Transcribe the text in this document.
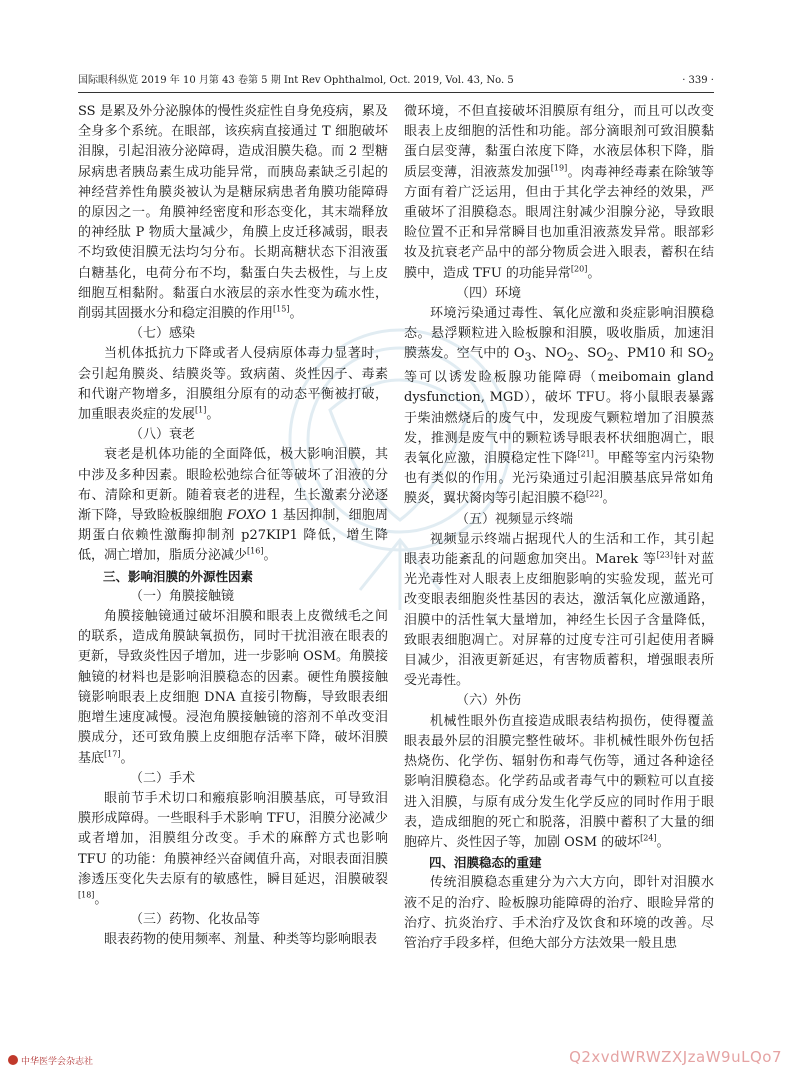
国际眼科纵览 2019 年 10 月第 43 卷第 5 期 Int Rev Ophthalmol, Oct. 2019, Vol. 43, No. 5	· 339 ·

SS 是累及外分泌腺体的慢性炎症性自身免疫病，累及全身多个系统。在眼部，该疾病直接通过 T 细胞破坏泪腺，引起泪液分泌障碍，造成泪膜失稳。而 2 型糖尿病患者胰岛素生成功能异常，而胰岛素缺乏引起的神经营养性角膜炎被认为是糖尿病患者角膜功能障碍的原因之一。角膜神经密度和形态变化，其末端释放的神经肽 P 物质大量减少，角膜上皮迁移减弱，眼表不均致使泪膜无法均匀分布。长期高糖状态下泪液蛋白糖基化，电荷分布不均，黏蛋白失去极性，与上皮细胞互相黏附。黏蛋白水液层的亲水性变为疏水性，削弱其固摄水分和稳定泪膜的作用[15]。

（七）感染

当机体抵抗力下降或者人侵病原体毒力显著时，会引起角膜炎、结膜炎等。致病菌、炎性因子、毒素和代谢产物增多，泪膜组分原有的动态平衡被打破，加重眼表炎症的发展[1]。

（八）衰老

衰老是机体功能的全面降低，极大影响泪膜，其中涉及多种因素。眼睑松弛综合征等破坏了泪液的分布、清除和更新。随着衰老的进程，生长激素分泌逐渐下降，导致睑板腺细胞 FOXO 1 基因抑制，细胞周期蛋白依赖性激酶抑制剂 p27KIP1 降低，增生降低，凋亡增加，脂质分泌减少[16]。

三、影响泪膜的外源性因素

（一）角膜接触镜

角膜接触镜通过破坏泪膜和眼表上皮微绒毛之间的联系，造成角膜缺氧损伤，同时干扰泪液在眼表的更新，导致炎性因子增加，进一步影响 OSM。角膜接触镜的材料也是影响泪膜稳态的因素。硬性角膜接触镜影响眼表上皮细胞 DNA 直接引物酶，导致眼表细胞增生速度减慢。浸泡角膜接触镜的溶剂不单改变泪膜成分，还可致角膜上皮细胞存活率下降，破坏泪膜基底[17]。

（二）手术

眼前节手术切口和瘢痕影响泪膜基底，可导致泪膜形成障碍。一些眼科手术影响 TFU，泪膜分泌减少或者增加，泪膜组分改变。手术的麻醉方式也影响 TFU 的功能：角膜神经兴奋阈值升高，对眼表面泪膜渗透压变化失去原有的敏感性，瞬目延迟，泪膜破裂[18]。

（三）药物、化妆品等

眼表药物的使用频率、剂量、种类等均影响眼表

微环境，不但直接破坏泪膜原有组分，而且可以改变眼表上皮细胞的活性和功能。部分滴眼剂可致泪膜黏蛋白层变薄，黏蛋白浓度下降，水液层体积下降，脂质层变薄，泪液蒸发加强[19]。肉毒神经毒素在除皱等方面有着广泛运用，但由于其化学去神经的效果，严重破坏了泪膜稳态。眼周注射减少泪腺分泌，导致眼睑位置不正和异常瞬目也加重泪液蒸发异常。眼部彩妆及抗衰老产品中的部分物质会进入眼表，蓄积在结膜中，造成 TFU 的功能异常[20]。

（四）环境

环境污染通过毒性、氧化应激和炎症影响泪膜稳态。悬浮颗粒进入睑板腺和泪膜，吸收脂质，加速泪膜蒸发。空气中的 $O_3$、$NO_2$、$SO_2$、PM10 和 $SO_2$ 等可以诱发睑板腺功能障碍（meibomain gland dysfunction, MGD），破坏 TFU。将小鼠眼表暴露于柴油燃烧后的废气中，发现废气颗粒增加了泪膜蒸发，推测是废气中的颗粒诱导眼表杯状细胞凋亡，眼表氧化应激，泪膜稳定性下降[21]。甲醛等室内污染物也有类似的作用。光污染通过引起泪膜基底异常如角膜炎，翼状胬肉等引起泪膜不稳[22]。

（五）视频显示终端

视频显示终端占据现代人的生活和工作，其引起眼表功能紊乱的问题愈加突出。Marek 等[23]针对蓝光光毒性对人眼表上皮细胞影响的实验发现，蓝光可改变眼表细胞炎性基因的表达，激活氧化应激通路，泪膜中的活性氧大量增加，神经生长因子含量降低，致眼表细胞凋亡。对屏幕的过度专注可引起使用者瞬目减少，泪液更新延迟，有害物质蓄积，增强眼表所受光毒性。

（六）外伤

机械性眼外伤直接造成眼表结构损伤，使得覆盖眼表最外层的泪膜完整性破坏。非机械性眼外伤包括热烧伤、化学伤、辐射伤和毒气伤等，通过各种途径影响泪膜稳态。化学药品或者毒气中的颗粒可以直接进入泪膜，与原有成分发生化学反应的同时作用于眼表，造成细胞的死亡和脱落，泪膜中蓄积了大量的细胞碎片、炎性因子等，加剧 OSM 的破坏[24]。

四、泪膜稳态的重建

传统泪膜稳态重建分为六大方向，即针对泪膜水液不足的治疗、睑板腺功能障碍的治疗、眼睑异常的治疗、抗炎治疗、手术治疗及饮食和环境的改善。尽管治疗手段多样，但绝大部分方法效果一般且患

中华医学会杂志社	Q2xvdWRWZXJzaW9uLQo7
